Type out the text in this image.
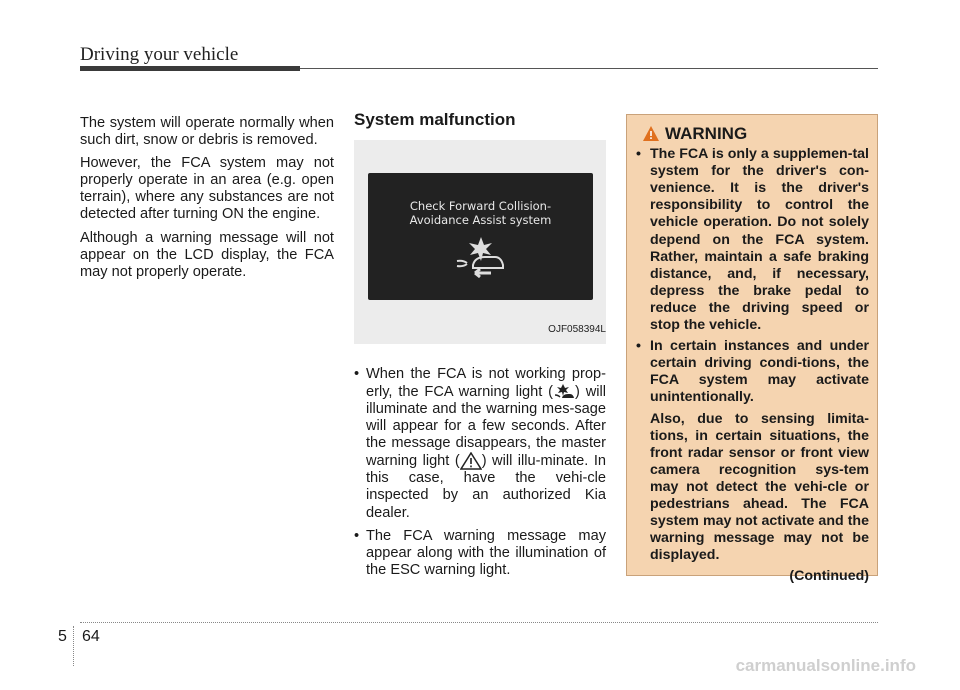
Driving your vehicle

The system will operate normally when such dirt, snow or debris is removed.

However, the FCA system may not properly operate in an area (e.g. open terrain), where any substances are not detected after turning ON the engine.

Although a warning message will not appear on the LCD display, the FCA may not properly operate.

System malfunction
Check Forward Collision-
Avoidance Assist system
OJF058394L
• When the FCA is not working prop-erly, the FCA warning light ( ) will illuminate and the warning mes-sage will appear for a few seconds. After the message disappears, the master warning light ( ) will illu-minate. In this case, have the vehi-cle inspected by an authorized Kia dealer.
• The FCA warning message may appear along with the illumination of the ESC warning light.
WARNING
• The FCA is only a supplemen-tal system for the driver's con-venience. It is the driver's responsibility to control the vehicle operation. Do not solely depend on the FCA system. Rather, maintain a safe braking distance, and, if necessary, depress the brake pedal to reduce the driving speed or stop the vehicle.
• In certain instances and under certain driving condi-tions, the FCA system may activate unintentionally.
Also, due to sensing limita-tions, in certain situations, the front radar sensor or front view camera recognition sys-tem may not detect the vehi-cle or pedestrians ahead. The FCA system may not activate and the warning message may not be displayed.
(Continued)
5 64
carmanualsonline.info
